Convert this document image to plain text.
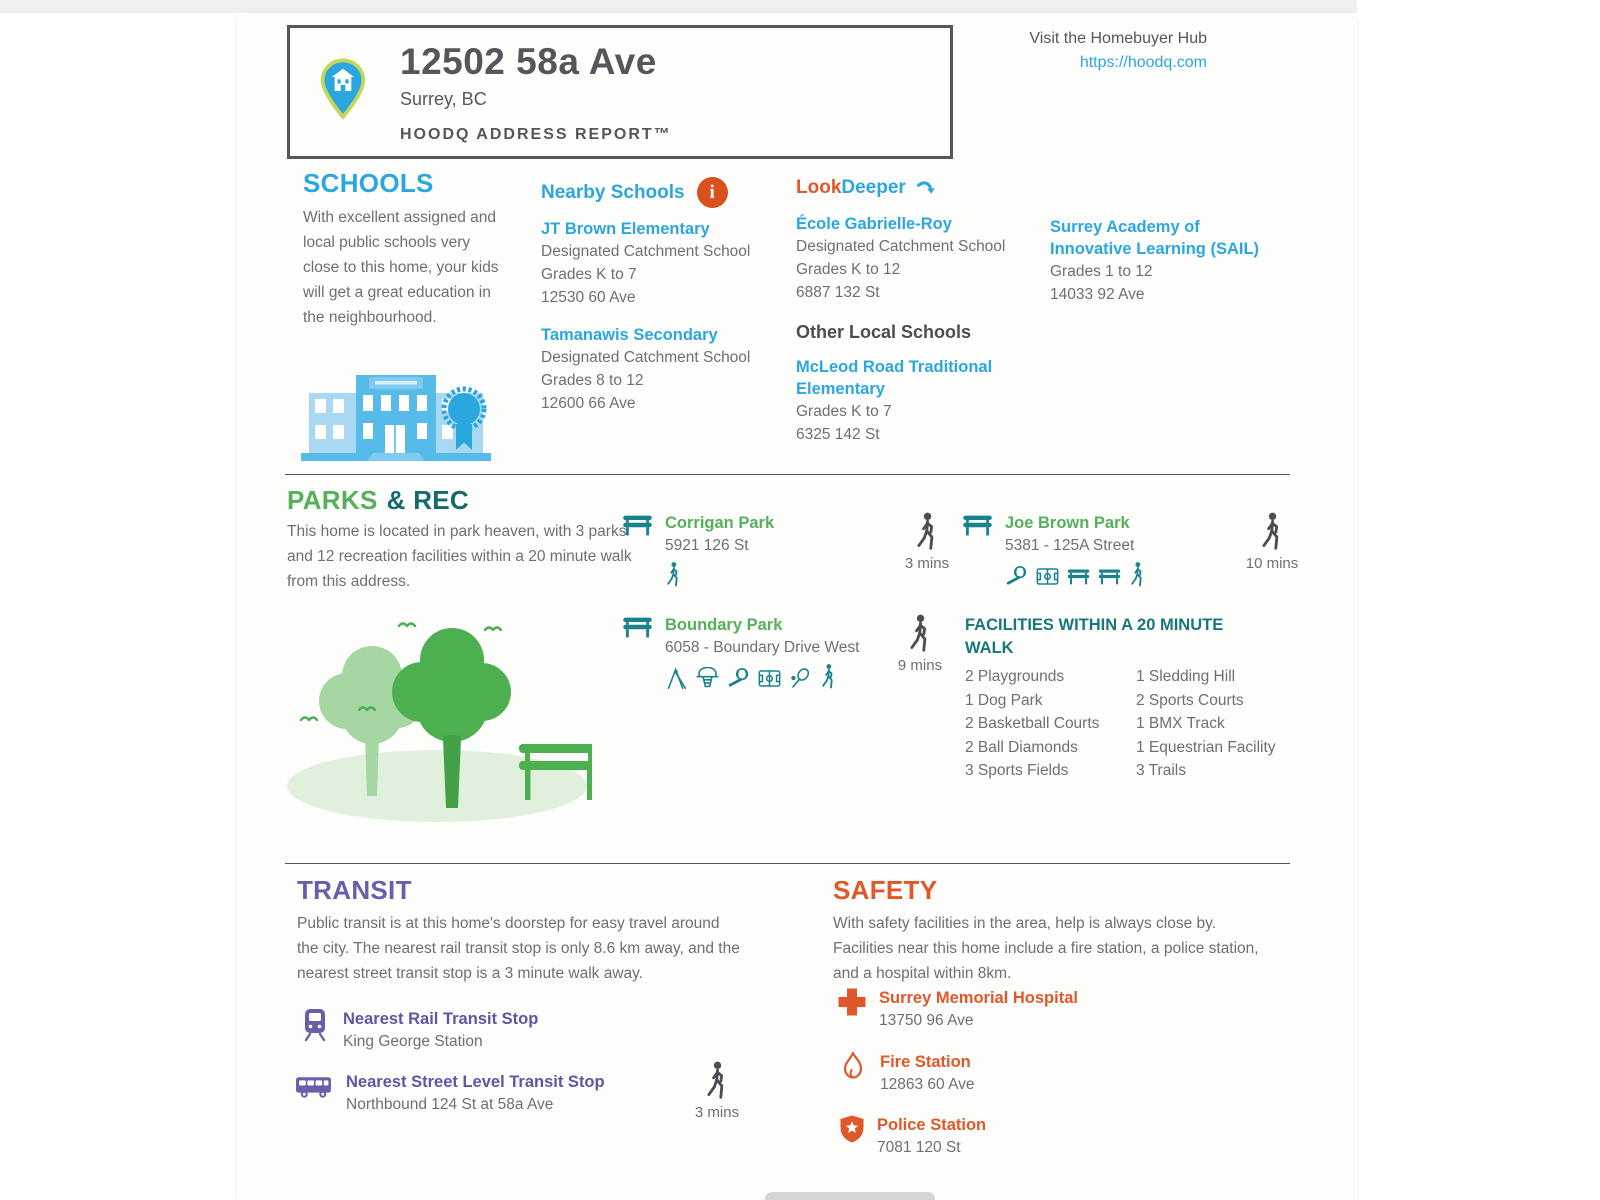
12502 58a Ave
Surrey, BC
HOODQ ADDRESS REPORT™
Visit the Homebuyer Hub
https://hoodq.com
SCHOOLS
With excellent assigned and local public schools very close to this home, your kids will get a great education in the neighbourhood.
Nearby Schools	i
JT Brown Elementary
Designated Catchment School
Grades K to 7
12530 60 Ave
Tamanawis Secondary
Designated Catchment School
Grades 8 to 12
12600 66 Ave
LookDeeper
École Gabrielle-Roy
Designated Catchment School
Grades K to 12
6887 132 St
Other Local Schools
McLeod Road Traditional Elementary
Grades K to 7
6325 142 St
Surrey Academy of Innovative Learning (SAIL)
Grades 1 to 12
14033 92 Ave
PARKS & REC
This home is located in park heaven, with 3 parks and 12 recreation facilities within a 20 minute walk from this address.
Corrigan Park
5921 126 St
3 mins
Joe Brown Park
5381 - 125A Street
10 mins
Boundary Park
6058 - Boundary Drive West
9 mins
FACILITIES WITHIN A 20 MINUTE WALK
2 Playgrounds
1 Dog Park
2 Basketball Courts
2 Ball Diamonds
3 Sports Fields
1 Sledding Hill
2 Sports Courts
1 BMX Track
1 Equestrian Facility
3 Trails
TRANSIT
Public transit is at this home's doorstep for easy travel around the city. The nearest rail transit stop is only 8.6 km away, and the nearest street transit stop is a 3 minute walk away.
Nearest Rail Transit Stop
King George Station
Nearest Street Level Transit Stop
Northbound 124 St at 58a Ave	3 mins
SAFETY
With safety facilities in the area, help is always close by. Facilities near this home include a fire station, a police station, and a hospital within 8km.
Surrey Memorial Hospital
13750 96 Ave
Fire Station
12863 60 Ave
Police Station
7081 120 St
